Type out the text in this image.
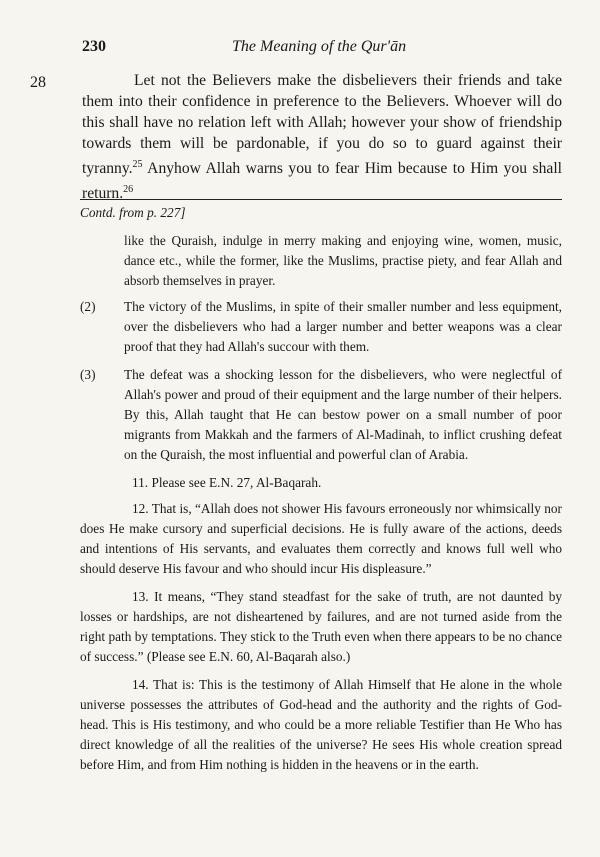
230	The Meaning of the Qur'ān
28	Let not the Believers make the disbelievers their friends and take them into their confidence in preference to the Believers. Whoever will do this shall have no relation left with Allah; however your show of friendship towards them will be pardonable, if you do so to guard against their tyranny.$^{25}$ Anyhow Allah warns you to fear Him because to Him you shall return.$^{26}$

Contd. from p. 227]

like the Quraish, indulge in merry making and enjoying wine, women, music, dance etc., while the former, like the Muslims, practise piety, and fear Allah and absorb themselves in prayer.

(2)	The victory of the Muslims, in spite of their smaller number and less equipment, over the disbelievers who had a larger number and better weapons was a clear proof that they had Allah's succour with them.
(3)	The defeat was a shocking lesson for the disbelievers, who were neglectful of Allah's power and proud of their equipment and the large number of their helpers. By this, Allah taught that He can bestow power on a small number of poor migrants from Makkah and the farmers of Al-Madinah, to inflict crushing defeat on the Quraish, the most influential and powerful clan of Arabia.

11. Please see E.N. 27, Al-Baqarah.

12. That is, “Allah does not shower His favours erroneously nor whimsically nor does He make cursory and superficial decisions. He is fully aware of the actions, deeds and intentions of His servants, and evaluates them correctly and knows full well who should deserve His favour and who should incur His displeasure.”

13. It means, “They stand steadfast for the sake of truth, are not daunted by losses or hardships, are not disheartened by failures, and are not turned aside from the right path by temptations. They stick to the Truth even when there appears to be no chance of success.” (Please see E.N. 60, Al-Baqarah also.)

14. That is: This is the testimony of Allah Himself that He alone in the whole universe possesses the attributes of God-head and the authority and the rights of God-head. This is His testimony, and who could be a more reliable Testifier than He Who has direct knowledge of all the realities of the universe? He sees His whole creation spread before Him, and from Him nothing is hidden in the heavens or in the earth.
